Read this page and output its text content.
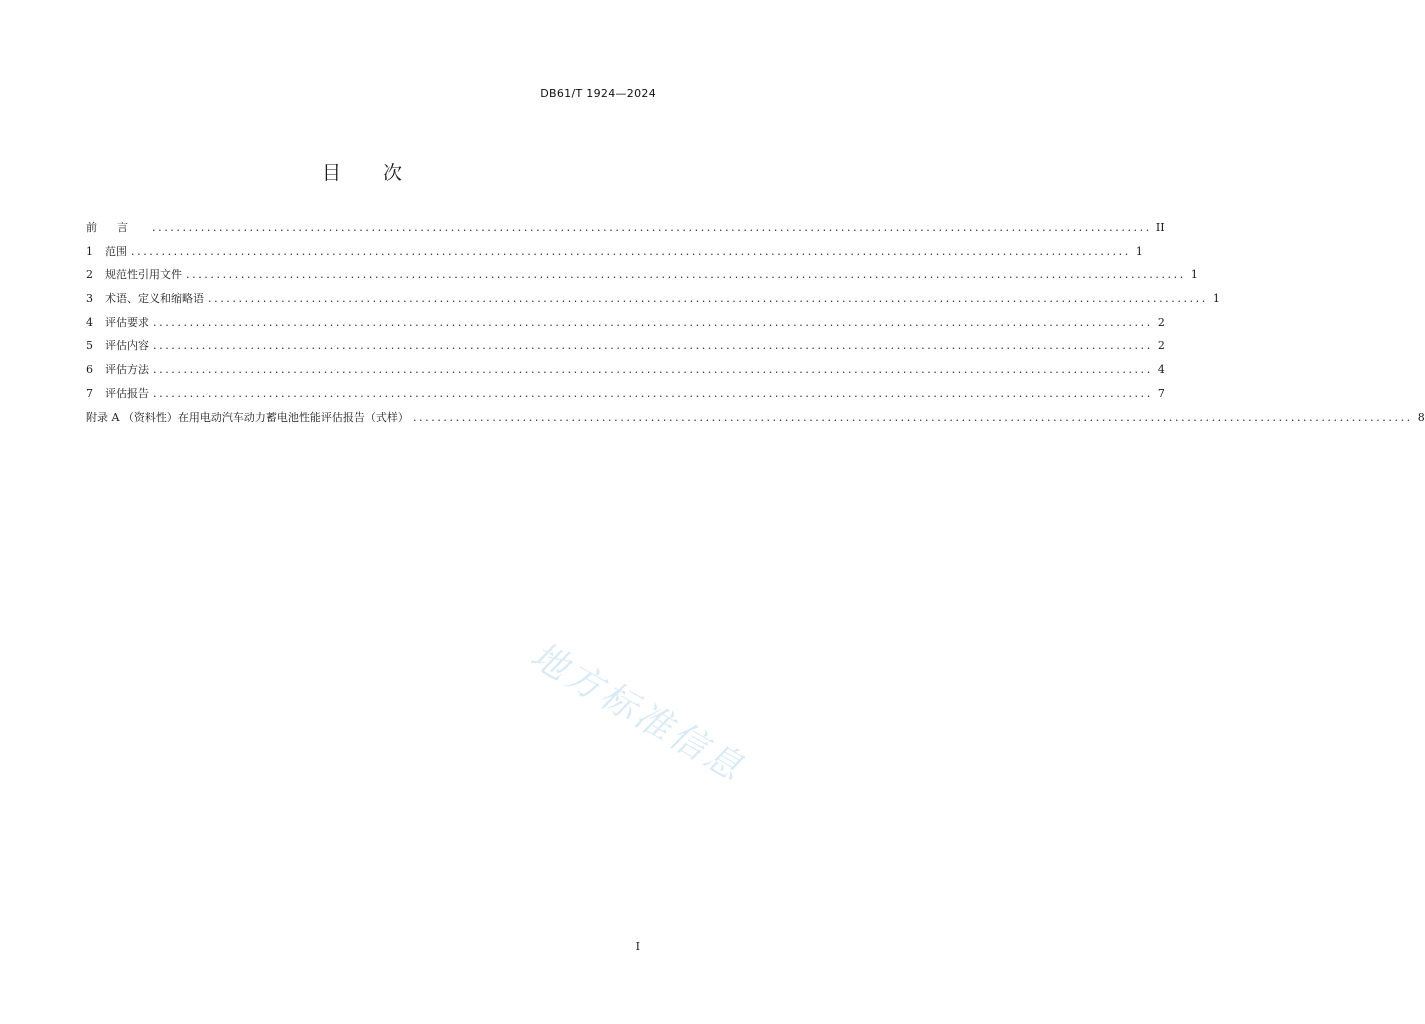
DB61/T 1924—2024
目次
前言 .....	II
1	范围 .....	1
2	规范性引用文件 .....	1
3	术语、定义和缩略语 .....	1
4	评估要求 .....	2
5	评估内容 .....	2
6	评估方法 .....	4
7	评估报告 .....	7
附录 A （资料性） 在用电动汽车动力蓄电池性能评估报告（式样） .....	8
地方标准信息
I
